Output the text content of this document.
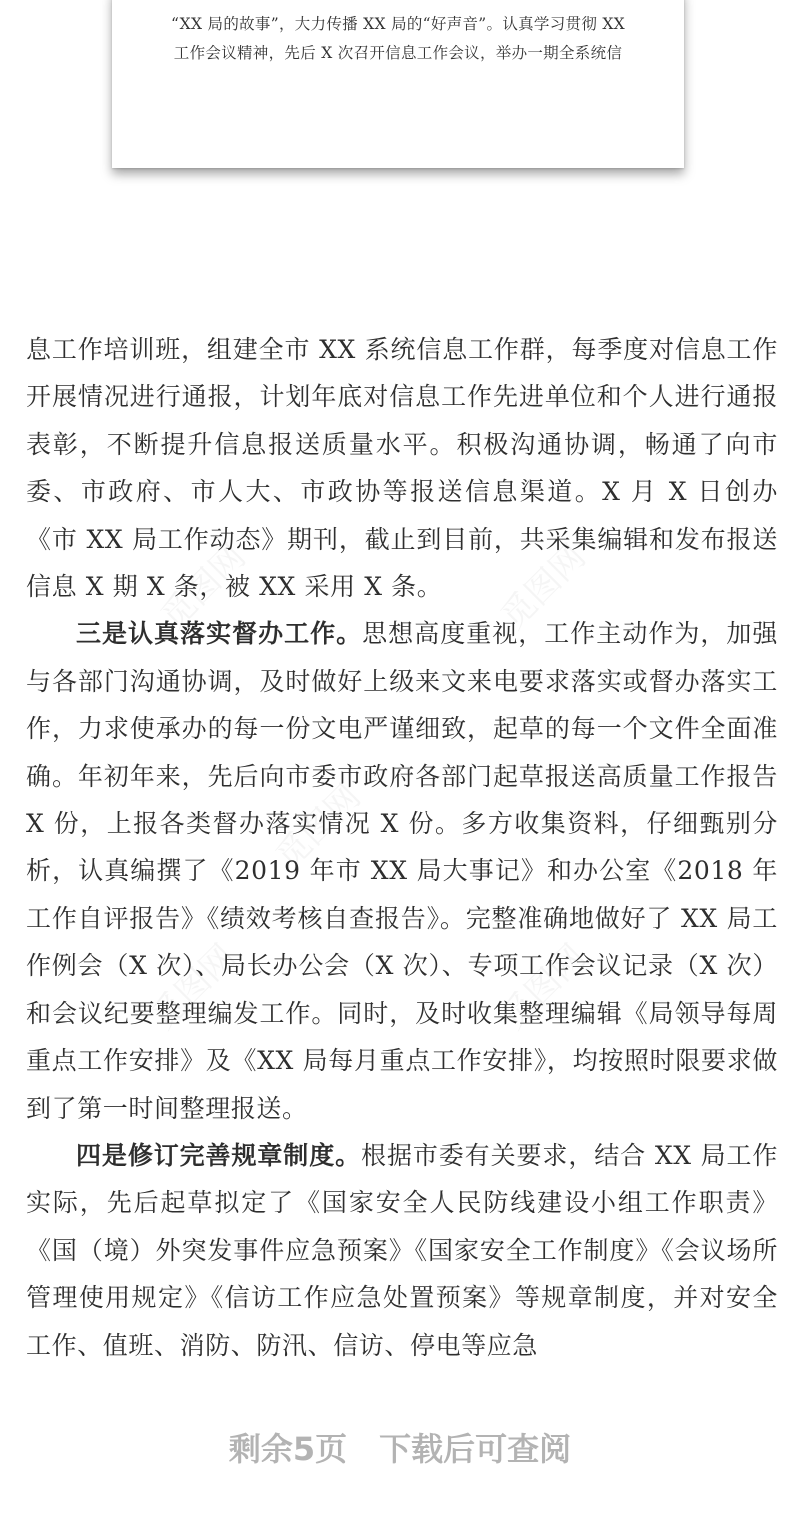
“XX 局的故事”，大力传播 XX 局的“好声音”。认真学习贯彻 XX
工作会议精神，先后 X 次召开信息工作会议，举办一期全系统信
觅图网	觅图网
觅图网
觅图网	觅图网

息工作培训班，组建全市 XX 系统信息工作群，每季度对信息工作开展情况进行通报，计划年底对信息工作先进单位和个人进行通报表彰，不断提升信息报送质量水平。积极沟通协调，畅通了向市委、市政府、市人大、市政协等报送信息渠道。X 月 X 日创办《市 XX 局工作动态》期刊，截止到目前，共采集编辑和发布报送信息 X 期 X 条，被 XX 采用 X 条。

三是认真落实督办工作。思想高度重视，工作主动作为，加强与各部门沟通协调，及时做好上级来文来电要求落实或督办落实工作，力求使承办的每一份文电严谨细致，起草的每一个文件全面准确。年初年来，先后向市委市政府各部门起草报送高质量工作报告 X 份，上报各类督办落实情况 X 份。多方收集资料，仔细甄别分析，认真编撰了《2019 年市 XX 局大事记》和办公室《2018 年工作自评报告》《绩效考核自查报告》。完整准确地做好了 XX 局工作例会（X 次）、局长办公会（X 次）、专项工作会议记录（X 次）和会议纪要整理编发工作。同时，及时收集整理编辑《局领导每周重点工作安排》及《XX 局每月重点工作安排》，均按照时限要求做到了第一时间整理报送。

四是修订完善规章制度。根据市委有关要求，结合 XX 局工作实际，先后起草拟定了《国家安全人民防线建设小组工作职责》《国（境）外突发事件应急预案》《国家安全工作制度》《会议场所管理使用规定》《信访工作应急处置预案》等规章制度，并对安全工作、值班、消防、防汛、信访、停电等应急

剩余5页　下载后可查阅
